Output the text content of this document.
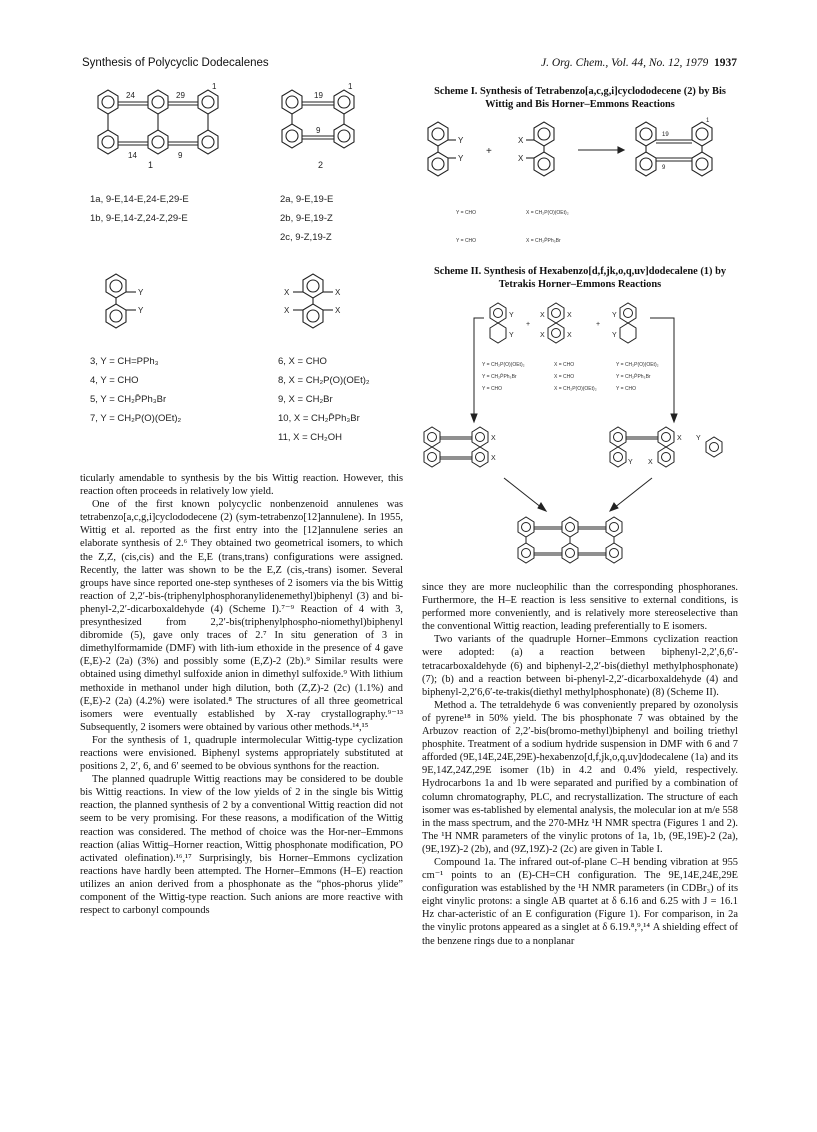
Synthesis of Polycyclic Dodecalenes	J. Org. Chem., Vol. 44, No. 12, 1979 1937
24	29
1
14	9
1
19
1
9
2
1a, 9-E,14-E,24-E,29-E
1b, 9-E,14-Z,24-Z,29-E
2a, 9-E,19-E
2b, 9-E,19-Z
2c, 9-Z,19-Z
Y
Y
X	X
X	X
3, Y = CH=PPh₃
4, Y = CHO
5, Y = CH₂P̄Ph₃Br
7, Y = CH₂P(O)(OEt)₂
6, X = CHO
8, X = CH₂P(O)(OEt)₂
9, X = CH₂Br
10, X = CH₂P̄Ph₃Br
11, X = CH₂OH
Scheme I. Synthesis of Tetrabenzo[a,c,g,i]cyclododecene (2) by Bis Wittig and Bis Horner–Emmons Reactions
Y
Y
+
X
X
19
1
9
Y = CHO	X = CH₂P(O)(OEt)₂
Y = CHO	X = CH₂P̄Ph₃Br
Scheme II. Synthesis of Hexabenzo[d,f,jk,o,q,uv]dodecalene (1) by Tetrakis Horner–Emmons Reactions
+	+
Y
Y
X	X
X	X
Y
Y
X
X
X Y
Y X
Y = CH₂P(O)(OEt)₂	X = CHO	Y = CH₂P(O)(OEt)₂
Y = CH₂P̄Ph₃Br	X = CHO	Y = CH₂P̄Ph₃Br
Y = CHO	X = CH₂P(O)(OEt)₂	Y = CHO

ticularly amendable to synthesis by the bis Wittig reaction. However, this reaction often proceeds in relatively low yield.

One of the first known polycyclic nonbenzenoid annulenes was tetrabenzo[a,c,g,i]cyclododecene (2) (sym-tetrabenzo[12]annulene). In 1955, Wittig et al. reported as the first entry into the [12]annulene series an elaborate synthesis of 2.⁶ They obtained two geometrical isomers, to which the Z,Z, (cis,cis) and the E,E (trans,trans) configurations were assigned. Recently, the latter was shown to be the E,Z (cis,-trans) isomer. Several groups have since reported one-step syntheses of 2 isomers via the bis Wittig reaction of 2,2′-bis-(triphenylphosphoranylidenemethyl)biphenyl (3) and bi-phenyl-2,2′-dicarboxaldehyde (4) (Scheme I).⁷⁻⁹ Reaction of 4 with 3, presynthesized from 2,2′-bis(triphenylphospho-niomethyl)biphenyl dibromide (5), gave only traces of 2.⁷ In situ generation of 3 in dimethylformamide (DMF) with lith-ium ethoxide in the presence of 4 gave (E,E)-2 (2a) (3%) and possibly some (E,Z)-2 (2b).⁹ Similar results were obtained using dimethyl sulfoxide anion in dimethyl sulfoxide.⁹ With lithium methoxide in methanol under high dilution, both (Z,Z)-2 (2c) (1.1%) and (E,E)-2 (2a) (4.2%) were isolated.⁸ The structures of all three geometrical isomers were eventually established by X-ray crystallography.⁹⁻¹³ Subsequently, 2 isomers were obtained by various other methods.¹⁴,¹⁵

For the synthesis of 1, quadruple intermolecular Wittig-type cyclization reactions were envisioned. Biphenyl systems appropriately substituted at positions 2, 2′, 6, and 6′ seemed to be obvious synthons for the reaction.

The planned quadruple Wittig reactions may be considered to be double bis Wittig reactions. In view of the low yields of 2 in the single bis Wittig reaction, the planned synthesis of 2 by a conventional Wittig reaction did not seem to be very promising. For these reasons, a modification of the Wittig reaction was considered. The method of choice was the Hor-ner–Emmons reaction (alias Wittig–Horner reaction, Wittig phosphonate modification, PO activated olefination).¹⁶,¹⁷ Surprisingly, bis Horner–Emmons cyclization reactions have hardly been attempted. The Horner–Emmons (H–E) reaction utilizes an anion derived from a phosphonate as the “phos-phorus ylide” component of the Wittig-type reaction. Such anions are more reactive with respect to carbonyl compounds

since they are more nucleophilic than the corresponding phosphoranes. Furthermore, the H–E reaction is less sensitive to external conditions, is performed more conveniently, and is relatively more stereoselective than the conventional Wittig reaction, leading preferentially to E isomers.

Two variants of the quadruple Horner–Emmons cyclization reaction were adopted: (a) a reaction between biphenyl-2,2′,6,6′-tetracarboxaldehyde (6) and biphenyl-2,2′-bis(diethyl methylphosphonate) (7); (b) and a reaction between bi-phenyl-2,2′-dicarboxaldehyde (4) and biphenyl-2,2′6,6′-te-trakis(diethyl methylphosphonate) (8) (Scheme II).

Method a. The tetraldehyde 6 was conveniently prepared by ozonolysis of pyrene¹⁸ in 50% yield. The bis phosphonate 7 was obtained by the Arbuzov reaction of 2,2′-bis(bromo-methyl)biphenyl and boiling triethyl phosphite. Treatment of a sodium hydride suspension in DMF with 6 and 7 afforded (9E,14E,24E,29E)-hexabenzo[d,f,jk,o,q,uv]dodecalene (1a) and its 9E,14Z,24Z,29E isomer (1b) in 4.2 and 0.4% yield, respectively. Hydrocarbons 1a and 1b were separated and purified by a combination of column chromatography, PLC, and recrystallization. The structure of each isomer was es-tablished by elemental analysis, the molecular ion at m/e 558 in the mass spectrum, and the 270-MHz ¹H NMR spectra (Figures 1 and 2). The ¹H NMR parameters of the vinylic protons of 1a, 1b, (9E,19E)-2 (2a), (9E,19Z)-2 (2b), and (9Z,19Z)-2 (2c) are given in Table I.

Compound 1a. The infrared out-of-plane C–H bending vibration at 955 cm⁻¹ points to an (E)-CH=CH configuration. The 9E,14E,24E,29E configuration was established by the ¹H NMR parameters (in CDBr₃) of its eight vinylic protons: a single AB quartet at δ 6.16 and 6.25 with J = 16.1 Hz char-acteristic of an E configuration (Figure 1). For comparison, in 2a the vinylic protons appeared as a singlet at δ 6.19.⁸,⁹,¹⁴ A shielding effect of the benzene rings due to a nonplanar
